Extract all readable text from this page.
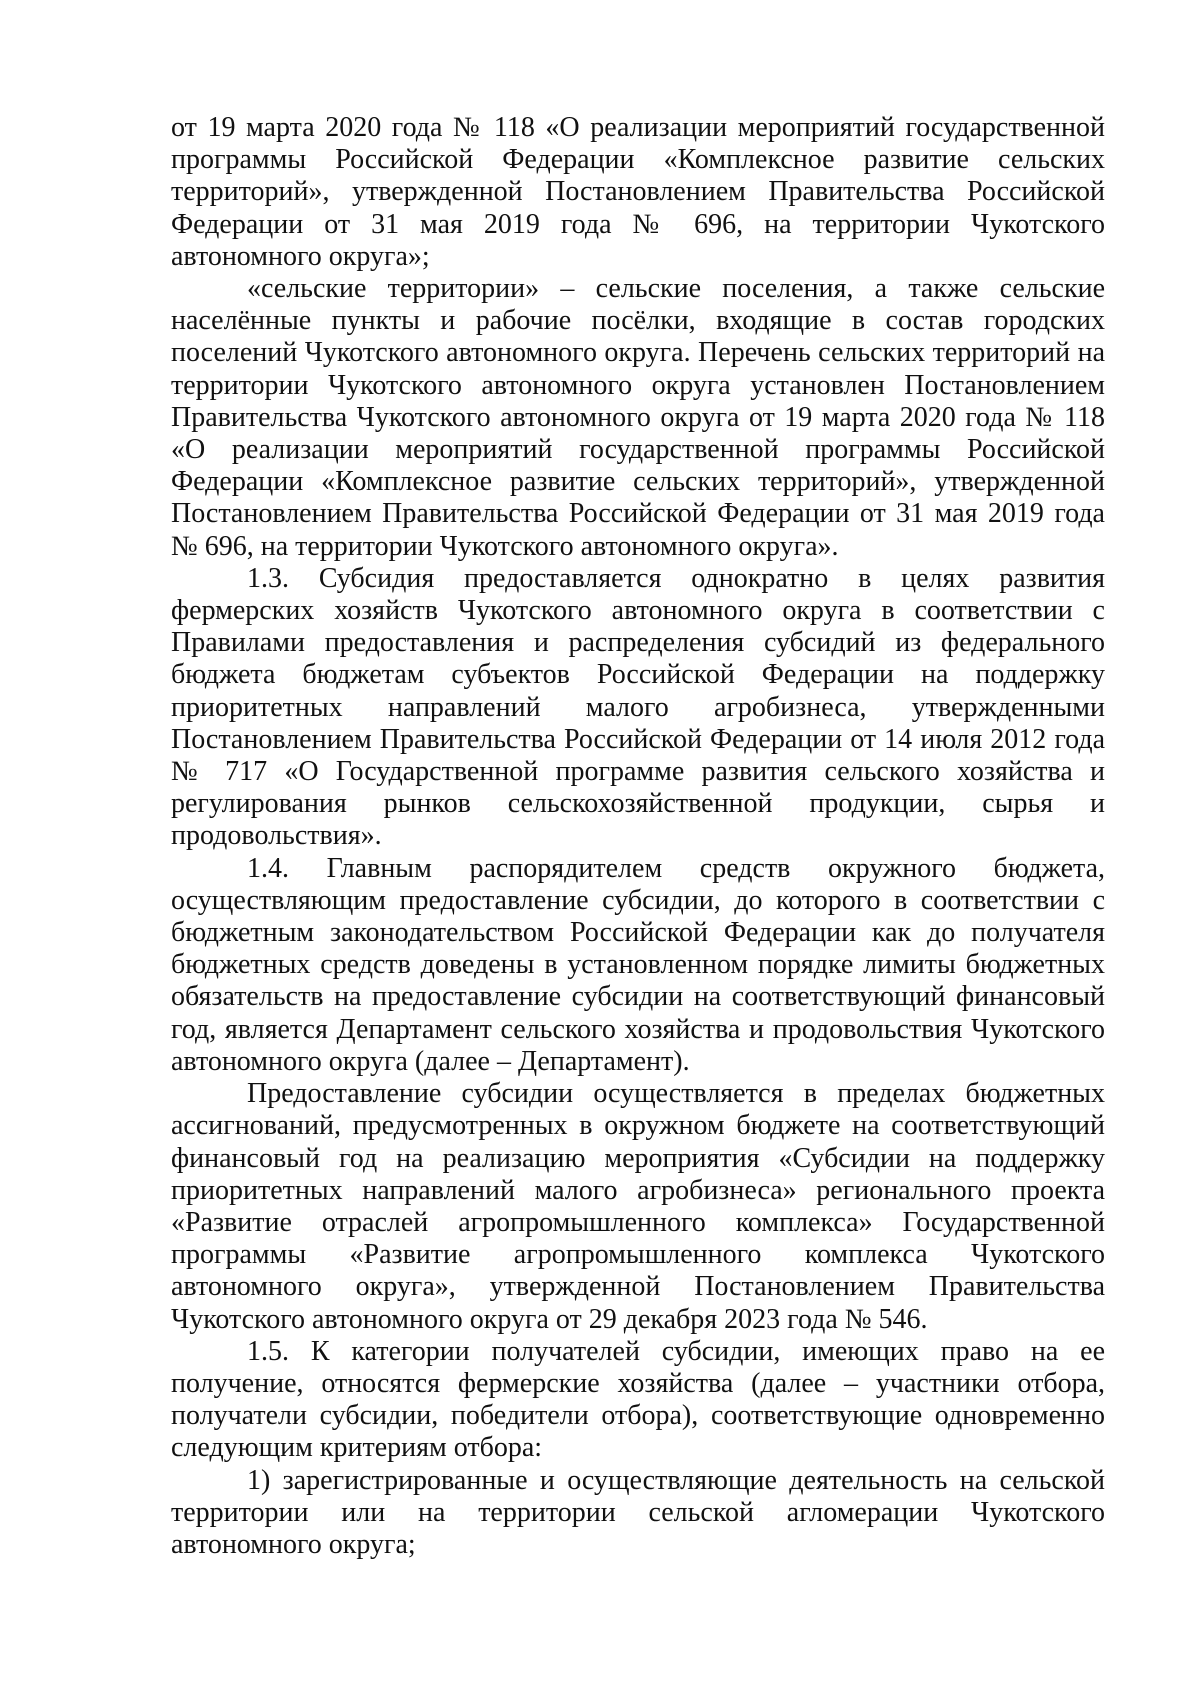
от 19 марта 2020 года № 118 «О реализации мероприятий государственной программы Российской Федерации «Комплексное развитие сельских территорий», утвержденной Постановлением Правительства Российской Федерации от 31 мая 2019 года № 696, на территории Чукотского автономного округа»;

«сельские территории» – сельские поселения, а также сельские населённые пункты и рабочие посёлки, входящие в состав городских поселений Чукотского автономного округа. Перечень сельских территорий на территории Чукотского автономного округа установлен Постановлением Правительства Чукотского автономного округа от 19 марта 2020 года № 118 «О реализации мероприятий государственной программы Российской Федерации «Комплексное развитие сельских территорий», утвержденной Постановлением Правительства Российской Федерации от 31 мая 2019 года № 696, на территории Чукотского автономного округа».

1.3. Субсидия предоставляется однократно в целях развития фермерских хозяйств Чукотского автономного округа в соответствии с Правилами предоставления и распределения субсидий из федерального бюджета бюджетам субъектов Российской Федерации на поддержку приоритетных направлений малого агробизнеса, утвержденными Постановлением Правительства Российской Федерации от 14 июля 2012 года № 717 «О Государственной программе развития сельского хозяйства и регулирования рынков сельскохозяйственной продукции, сырья и продовольствия».

1.4. Главным распорядителем средств окружного бюджета, осуществляющим предоставление субсидии, до которого в соответствии с бюджетным законодательством Российской Федерации как до получателя бюджетных средств доведены в установленном порядке лимиты бюджетных обязательств на предоставление субсидии на соответствующий финансовый год, является Департамент сельского хозяйства и продовольствия Чукотского автономного округа (далее – Департамент).

Предоставление субсидии осуществляется в пределах бюджетных ассигнований, предусмотренных в окружном бюджете на соответствующий финансовый год на реализацию мероприятия «Субсидии на поддержку приоритетных направлений малого агробизнеса» регионального проекта «Развитие отраслей агропромышленного комплекса» Государственной программы «Развитие агропромышленного комплекса Чукотского автономного округа», утвержденной Постановлением Правительства Чукотского автономного округа от 29 декабря 2023 года № 546.

1.5. К категории получателей субсидии, имеющих право на ее получение, относятся фермерские хозяйства (далее – участники отбора, получатели субсидии, победители отбора), соответствующие одновременно следующим критериям отбора:

1) зарегистрированные и осуществляющие деятельность на сельской территории или на территории сельской агломерации Чукотского автономного округа;
